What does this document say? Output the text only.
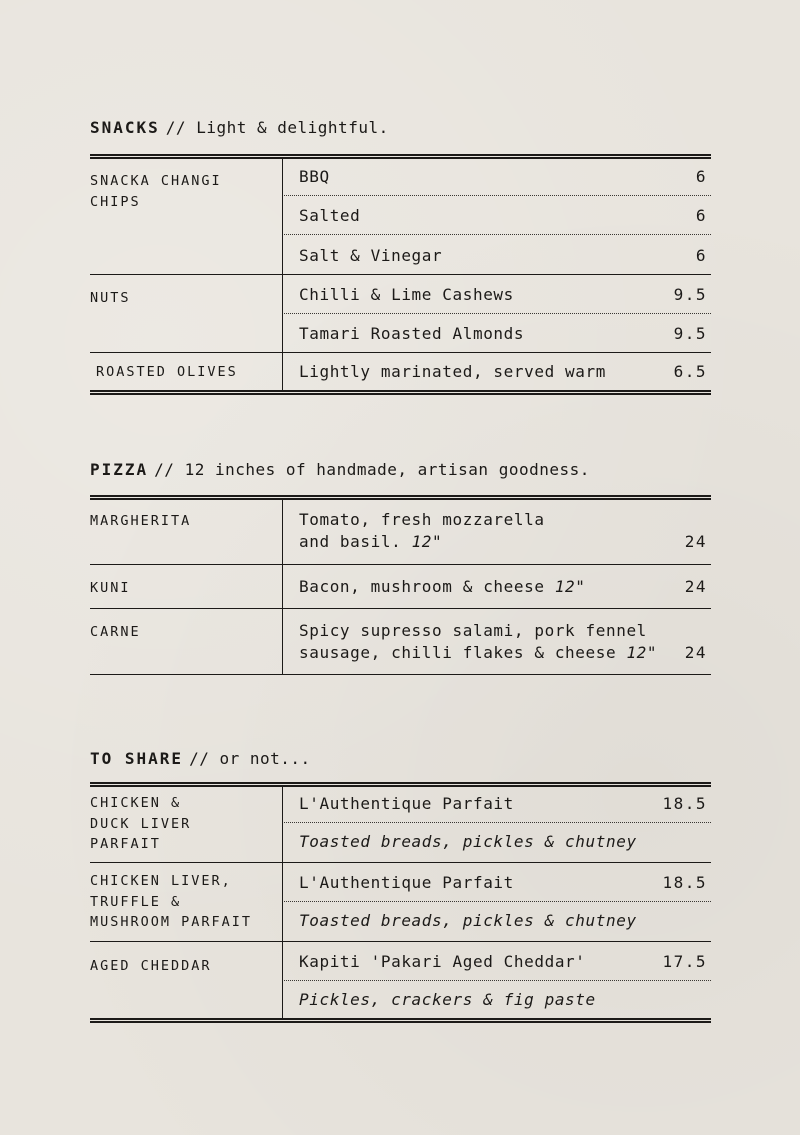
SNACKS // Light & delightful.
SNACKA CHANGI CHIPS
BBQ	6
Salted	6
Salt & Vinegar	6
NUTS	Chilli & Lime Cashews	9.5
Tamari Roasted Almonds	9.5
ROASTED OLIVES	Lightly marinated, served warm	6.5
PIZZA // 12 inches of handmade, artisan goodness.
MARGHERITA	Tomato, fresh mozzarella
and basil. 12"	24
KUNI	Bacon, mushroom & cheese 12"	24
CARNE	Spicy supresso salami, pork fennel
sausage, chilli flakes & cheese 12" 24
TO SHARE // or not...
CHICKEN &
DUCK LIVER
PARFAIT
L'Authentique Parfait	18.5
Toasted breads, pickles & chutney
CHICKEN LIVER,
TRUFFLE &
MUSHROOM PARFAIT
L'Authentique Parfait	18.5
Toasted breads, pickles & chutney
AGED CHEDDAR	Kapiti 'Pakari Aged Cheddar'	17.5
Pickles, crackers & fig paste
